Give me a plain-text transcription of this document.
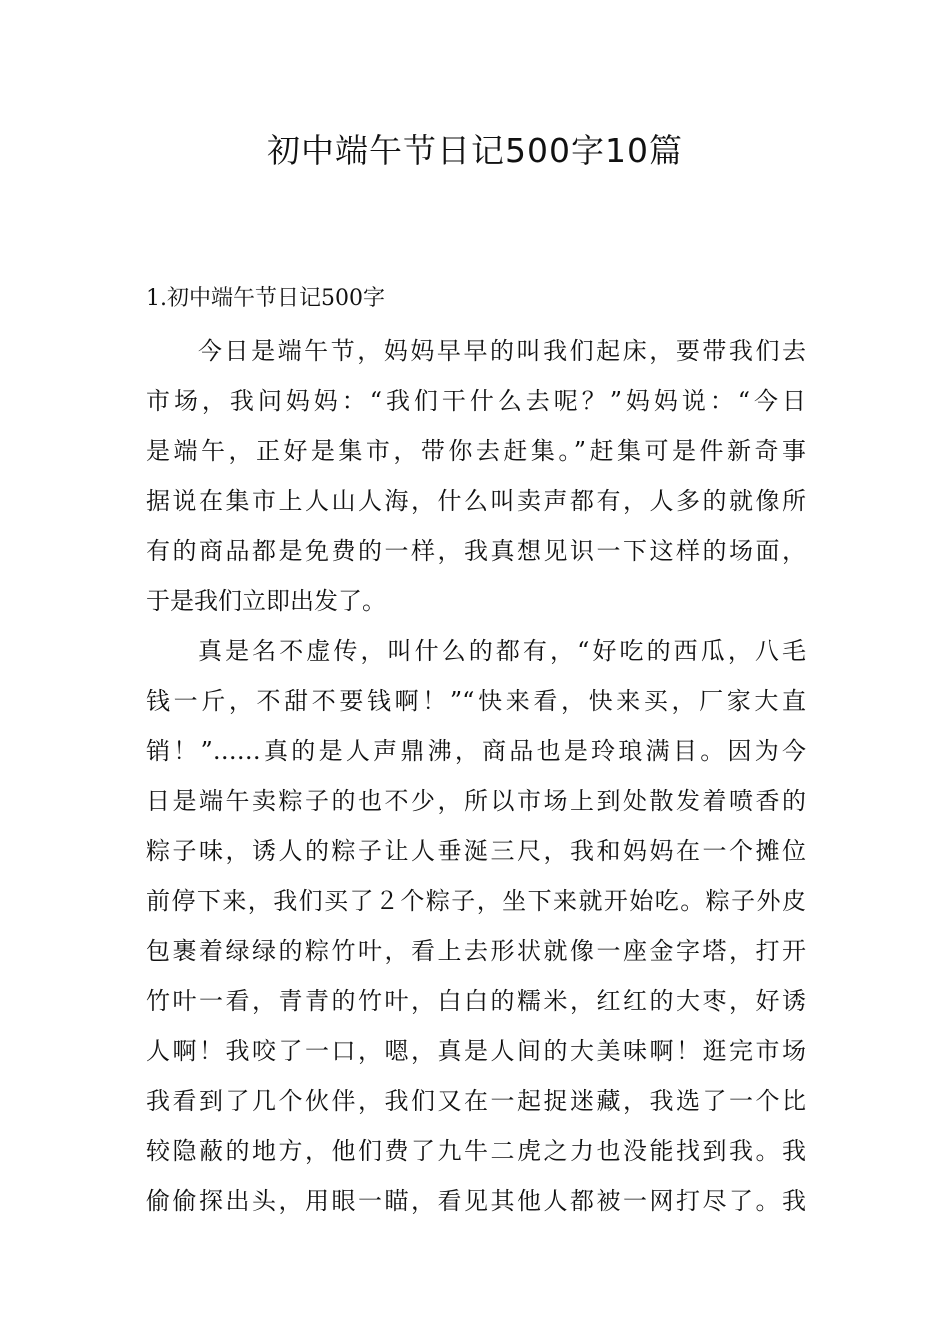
初中端午节日记500字10篇
1.初中端午节日记500字
今日是端午节，妈妈早早的叫我们起床，要带我们去
市场，我问妈妈：“我们干什么去呢？”妈妈说：“今日
是端午，正好是集市，带你去赶集。”赶集可是件新奇事
据说在集市上人山人海，什么叫卖声都有，人多的就像所
有的商品都是免费的一样，我真想见识一下这样的场面，
于是我们立即出发了。
真是名不虚传，叫什么的都有，“好吃的西瓜，八毛
钱一斤，不甜不要钱啊！”“快来看，快来买，厂家大直
销！”……真的是人声鼎沸，商品也是玲琅满目。因为今
日是端午卖粽子的也不少，所以市场上到处散发着喷香的
粽子味，诱人的粽子让人垂涎三尺，我和妈妈在一个摊位
前停下来，我们买了２个粽子，坐下来就开始吃。粽子外皮
包裹着绿绿的粽竹叶，看上去形状就像一座金字塔，打开
竹叶一看，青青的竹叶，白白的糯米，红红的大枣，好诱
人啊！我咬了一口，嗯，真是人间的大美味啊！逛完市场
我看到了几个伙伴，我们又在一起捉迷藏，我选了一个比
较隐蔽的地方，他们费了九牛二虎之力也没能找到我。我
偷偷探出头，用眼一瞄，看见其他人都被一网打尽了。我
